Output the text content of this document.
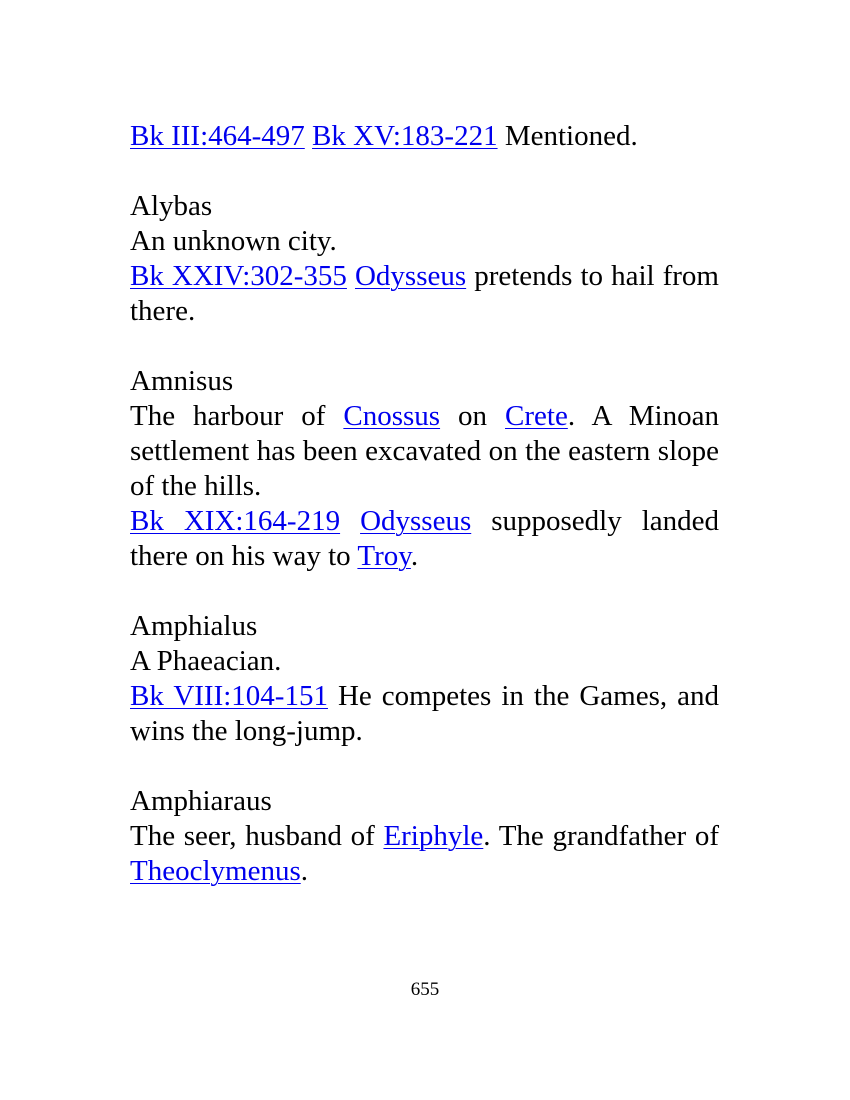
Bk III:464-497 Bk XV:183-221 Mentioned.

Alybas

An unknown city.

Bk XXIV:302-355 Odysseus pretends to hail from there.

Amnisus

The harbour of Cnossus on Crete. A Minoan settlement has been excavated on the eastern slope of the hills.

Bk XIX:164-219 Odysseus supposedly landed there on his way to Troy.

Amphialus

A Phaeacian.

Bk VIII:104-151 He competes in the Games, and wins the long-jump.

Amphiaraus

The seer, husband of Eriphyle. The grandfather of Theoclymenus.

655
